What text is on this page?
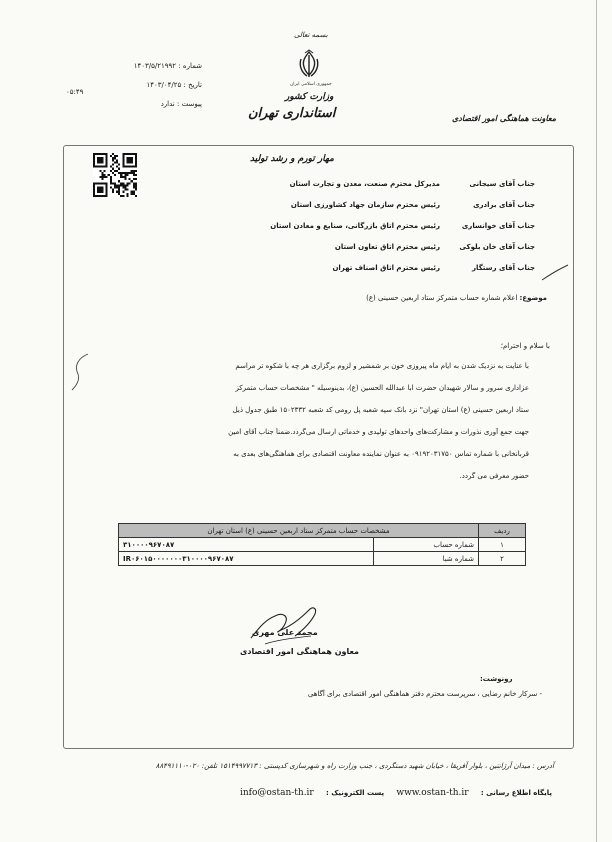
بسمه تعالی
جمهوری اسلامی ایران
وزارت کشور
استانداری تهران	معاونت هماهنگی امور اقتصادی
شماره : ۱۴۰۳/۵/۲۱۹۹۲
تاریخ : ۱۴۰۳/۰۴/۲۵
۰۵:۴۹
پیوست : ندارد
مهار تورم و رشد تولید
جناب آقای سیجانی
مدیرکل محترم صنعت، معدن و تجارت استان
جناب آقای برادری
رئیس محترم سازمان جهاد کشاورزی استان
جناب آقای خوانساری
رئیس محترم اتاق بازرگانی، صنایع و معادن استان
جناب آقای خان بلوکی
رئیس محترم اتاق تعاون استان
جناب آقای رستگار
رئیس محترم اتاق اصناف تهران
موضوع: اعلام شماره حساب متمرکز ستاد اربعین حسینی (ع)
با سلام و احترام؛
با عنایت به نزدیک شدن به ایام ماه پیروزی خون بر شمشیر و لزوم برگزاری هر چه با شکوه تر مراسم
عزاداری سرور و سالار شهیدان حضرت ابا عبدالله الحسین (ع)، بدینوسیله " مشخصات حساب متمرکز
ستاد اربعین حسینی (ع) استان تهران" نزد بانک سپه شعبه پل رومی کد شعبه ۱۵۰۲۳۳۲ طبق جدول ذیل
جهت جمع آوری نذورات و مشارکت‌های واحدهای تولیدی و خدماتی ارسال می‌گردد.ضمناً جناب آقای امین
قربانخانی با شماره تماس ۰۹۱۹۲۰۳۱۷۵۰ به عنوان نماینده معاونت اقتصادی برای هماهنگی‌های بعدی به
حضور معرفی می گردد.
ردیف	مشخصات حساب متمرکز ستاد اربعین حسینی (ع) استان تهران	
۱	شماره حساب	۳۱۰۰۰۰۹۶۷۰۸۷
۲	شماره شبا	IR۰۶۰۱۵۰۰۰۰۰۰۰۳۱۰۰۰۰۹۶۷۰۸۷
محمد علی مهری
معاون هماهنگی امور اقتصادی
رونوشت:
- سرکار خانم رضایی ، سرپرست محترم دفتر هماهنگی امور اقتصادی برای آگاهی
آدرس : میدان آرژانتین ، بلوار آفریقا ، خیابان شهید دستگردی ، جنب وزارت راه و شهرسازی کدپستی : ۱۵۱۴۹۹۷۷۱۳ تلفن: ۰۲۰-۸۸۴۹۱۱۱۰
پایگاه اطلاع رسانی : www.ostan-th.ir پست الکترونیک : info@ostan-th.ir
